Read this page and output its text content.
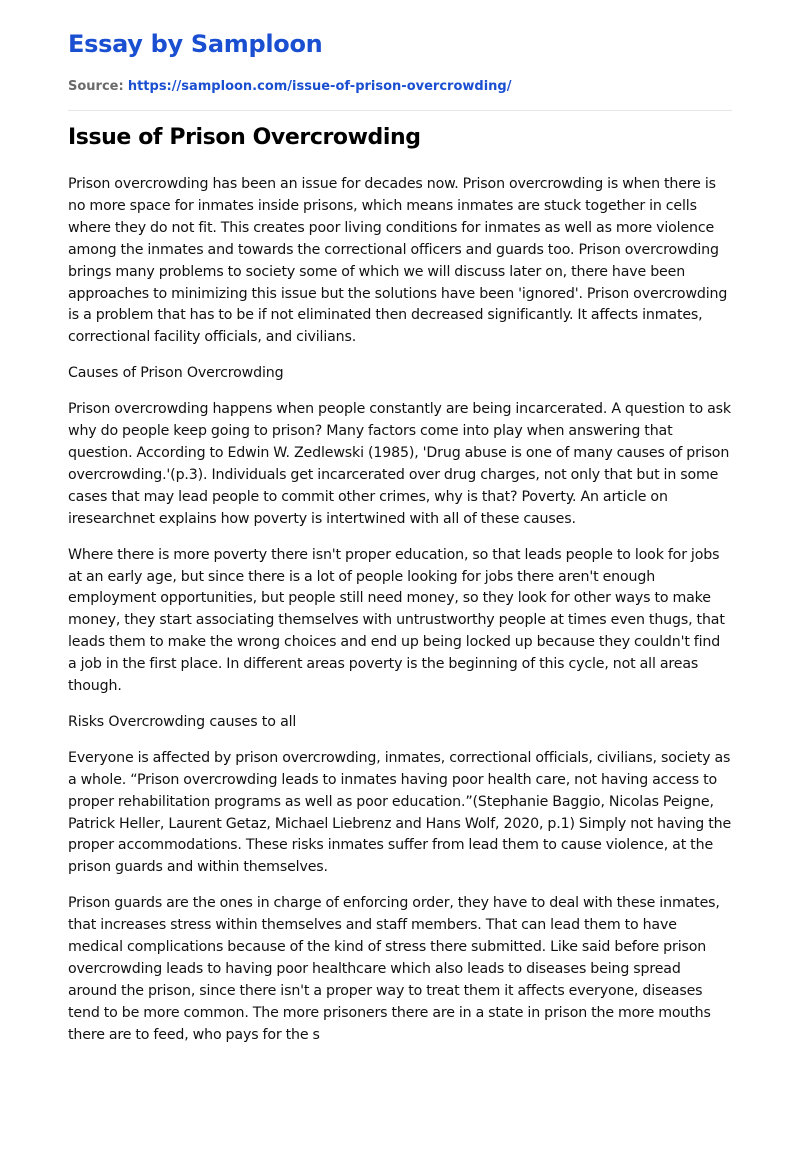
Essay by Samploon
Source: https://samploon.com/issue-of-prison-overcrowding/
Issue of Prison Overcrowding

Prison overcrowding has been an issue for decades now. Prison overcrowding is when there is no more space for inmates inside prisons, which means inmates are stuck together in cells where they do not fit. This creates poor living conditions for inmates as well as more violence among the inmates and towards the correctional officers and guards too. Prison overcrowding brings many problems to society some of which we will discuss later on, there have been approaches to minimizing this issue but the solutions have been 'ignored'. Prison overcrowding is a problem that has to be if not eliminated then decreased significantly. It affects inmates, correctional facility officials, and civilians.

Causes of Prison Overcrowding

Prison overcrowding happens when people constantly are being incarcerated. A question to ask why do people keep going to prison? Many factors come into play when answering that question. According to Edwin W. Zedlewski (1985), 'Drug abuse is one of many causes of prison overcrowding.'(p.3). Individuals get incarcerated over drug charges, not only that but in some cases that may lead people to commit other crimes, why is that? Poverty. An article on iresearchnet explains how poverty is intertwined with all of these causes.

Where there is more poverty there isn't proper education, so that leads people to look for jobs at an early age, but since there is a lot of people looking for jobs there aren't enough employment opportunities, but people still need money, so they look for other ways to make money, they start associating themselves with untrustworthy people at times even thugs, that leads them to make the wrong choices and end up being locked up because they couldn't find a job in the first place. In different areas poverty is the beginning of this cycle, not all areas though.

Risks Overcrowding causes to all

Everyone is affected by prison overcrowding, inmates, correctional officials, civilians, society as a whole. “Prison overcrowding leads to inmates having poor health care, not having access to proper rehabilitation programs as well as poor education.”(Stephanie Baggio, Nicolas Peigne, Patrick Heller, Laurent Getaz, Michael Liebrenz and Hans Wolf, 2020, p.1) Simply not having the proper accommodations. These risks inmates suffer from lead them to cause violence, at the prison guards and within themselves.

Prison guards are the ones in charge of enforcing order, they have to deal with these inmates, that increases stress within themselves and staff members. That can lead them to have medical complications because of the kind of stress there submitted. Like said before prison overcrowding leads to having poor healthcare which also leads to diseases being spread around the prison, since there isn't a proper way to treat them it affects everyone, diseases tend to be more common. The more prisoners there are in a state in prison the more mouths there are to feed, who pays for the s
